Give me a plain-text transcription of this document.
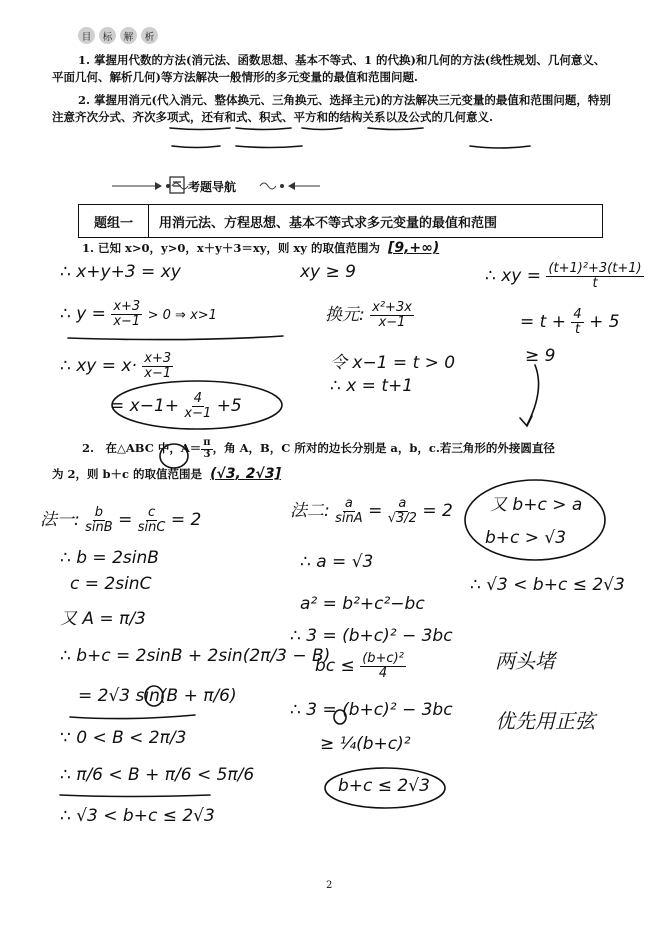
目	标	解	析

1. 掌握用代数的方法(消元法、函数思想、基本不等式、1 的代换)和几何的方法(线性规划、几何意义、平面几何、解析几何)等方法解决一般情形的多元变量的最值和范围问题.

2. 掌握用消元(代入消元、整体换元、三角换元、选择主元)的方法解决三元变量的最值和范围问题，特别注意齐次分式、齐次多项式，还有和式、积式、平方和的结构关系以及公式的几何意义.

考题导航
题组一	用消元法、方程思想、基本不等式求多元变量的最值和范围
1. 已知 x>0，y>0，x＋y＋3＝xy，则 xy 的取值范围为 [9,+∞)
∴ x+y+3 = xy
∴ $y = \frac{x+3}{x-1} > 0$ ⇒ x>1
∴ xy = $x\cdot \frac{x+3}{x-1}$
= $x-1+ \frac{4}{x-1} +5$
xy ≥ 9
换元: $\frac{\text{x²+3x}}{x-1}$
令 x−1 = t > 0
∴ x = t+1
∴ xy = $\frac{\text{(t+1)²+3(t+1)}}{t}$
= $t + \frac{4}{t} + 5$
≥ 9
2.　在△ABC 中，$A= \frac{\pi}{3}$ ，角 A，B，C 所对的边长分别是 a，b，c.若三角形的外接圆直径
为 2，则 b＋c 的取值范围是 (√3, 2√3]
法一: $\frac{b}{\sin B} = \frac{c}{\sin C} = 2$
∴ b = 2sinB
c = 2sinC
又 A = π/3
∴ b+c = 2sinB + 2sin(2π/3 − B)
= 2√3 sin(B + π/6)
∵ 0 < B < 2π/3
∴ π/6 < B + π/6 < 5π/6
∴ √3 < b+c ≤ 2√3
法二: $\frac{a}{\sin A} = \frac{a}{√3/2} = 2$
∴ a = √3
a² = b²+c²−bc
∴ 3 = (b+c)² − 3bc
bc ≤ $\frac{\text{(b+c)²}}{4}$
∴ 3 = (b+c)² − 3bc
≥ ¼(b+c)²
b+c ≤ 2√3
又 b+c > a
b+c > √3
∴ √3 < b+c ≤ 2√3
两头堵
优先用正弦
2
